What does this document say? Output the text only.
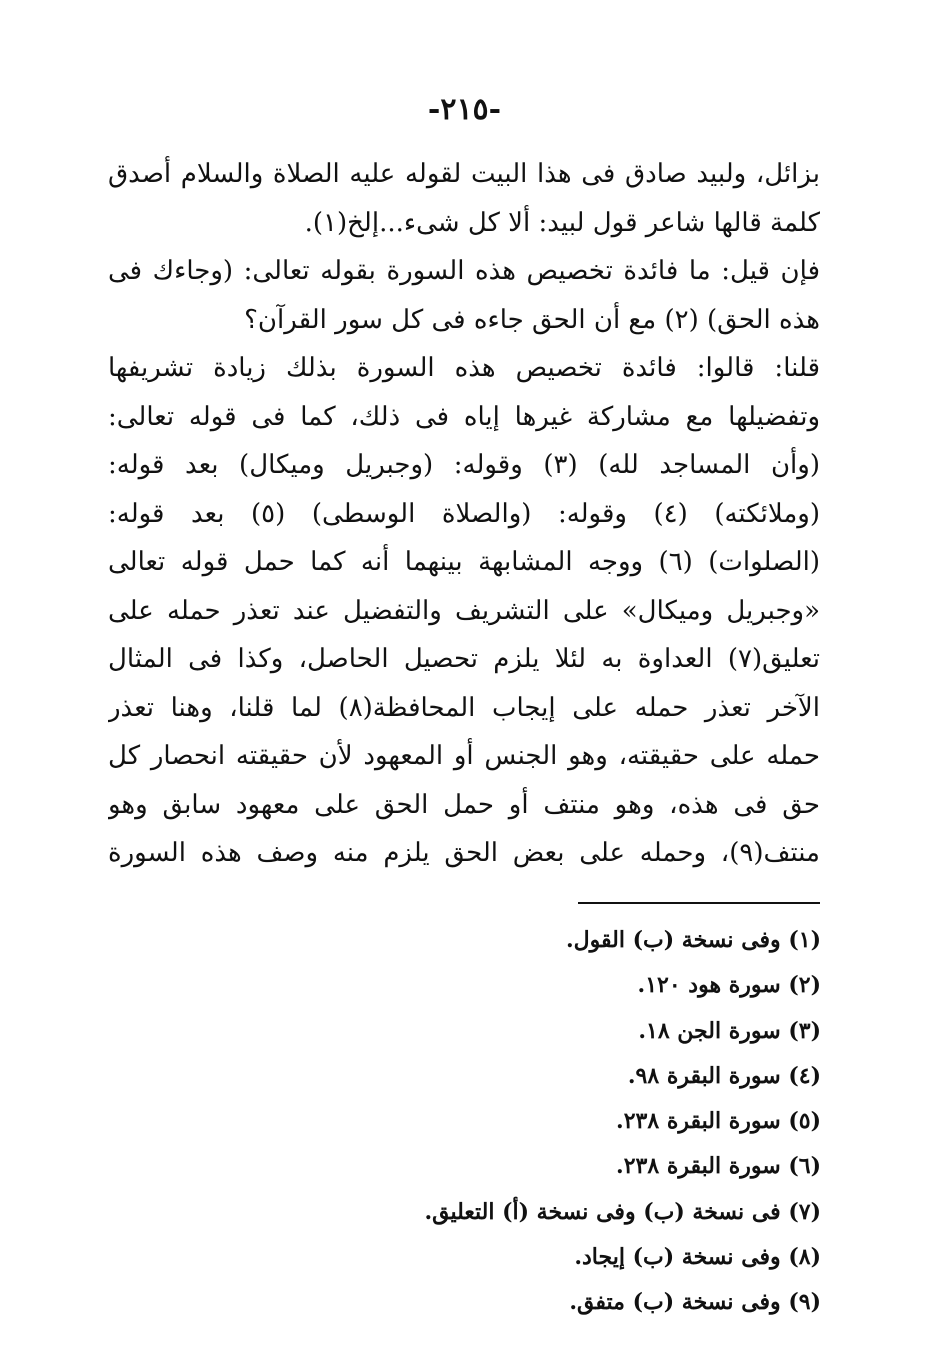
-٢١٥-
بزائل، ولبيد صادق فى هذا البيت لقوله عليه الصلاة والسلام أصدق
كلمة قالها شاعر قول لبيد: ألا كل شىء...إلخ(١).
فإن قيل: ما فائدة تخصيص هذه السورة بقوله تعالى: (وجاءك فى
هذه الحق) (٢) مع أن الحق جاءه فى كل سور القرآن؟
قلنا: قالوا: فائدة تخصيص هذه السورة بذلك زيادة تشريفها
وتفضيلها مع مشاركة غيرها إياه فى ذلك، كما فى قوله تعالى:
(وأن المساجد لله) (٣) وقوله: (وجبريل وميكال) بعد قوله:
(وملائكته) (٤) وقوله: (والصلاة الوسطى) (٥) بعد قوله:
(الصلوات) (٦) ووجه المشابهة بينهما أنه كما حمل قوله تعالى
«وجبريل وميكال» على التشريف والتفضيل عند تعذر حمله على
تعليق(٧) العداوة به لئلا يلزم تحصيل الحاصل، وكذا فى المثال
الآخر تعذر حمله على إيجاب المحافظة(٨) لما قلنا، وهنا تعذر
حمله على حقيقته، وهو الجنس أو المعهود لأن حقيقته انحصار كل
حق فى هذه، وهو منتف أو حمل الحق على معهود سابق وهو
منتف(٩)، وحمله على بعض الحق يلزم منه وصف هذه السورة
(١) وفى نسخة (ب) القول.
(٢) سورة هود ١٢٠.
(٣) سورة الجن ١٨.
(٤) سورة البقرة ٩٨.
(٥) سورة البقرة ٢٣٨.
(٦) سورة البقرة ٢٣٨.
(٧) فى نسخة (ب) وفى نسخة (أ) التعليق.
(٨) وفى نسخة (ب) إيجاد.
(٩) وفى نسخة (ب) متفق.
